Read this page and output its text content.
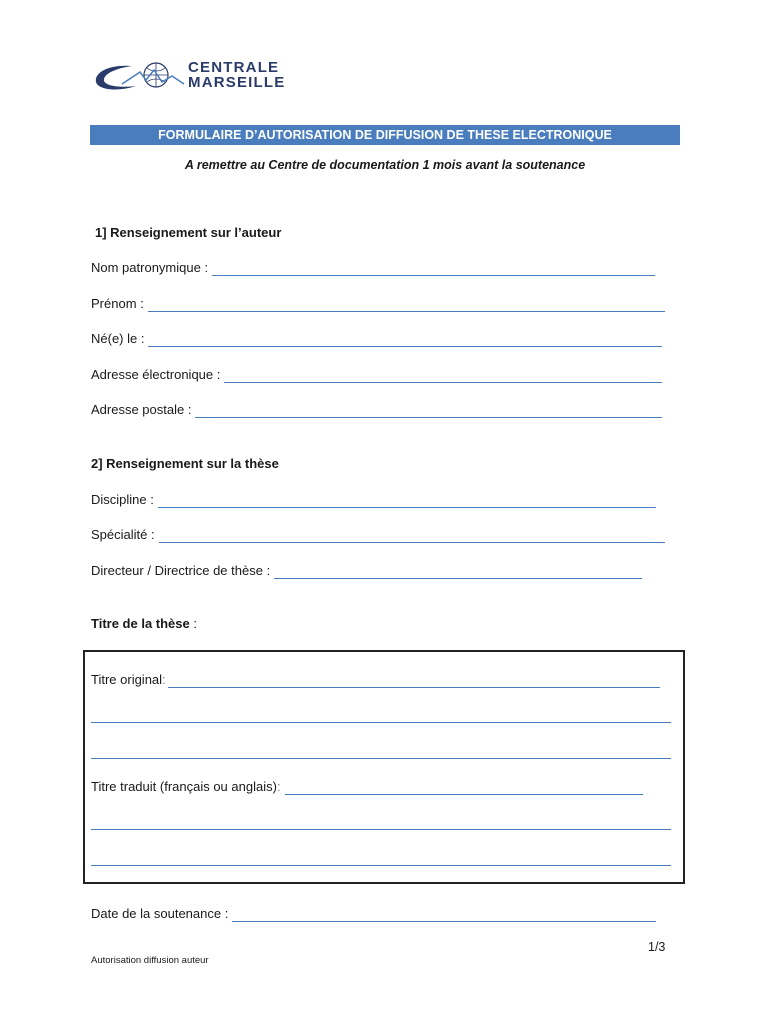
CENTRALE
MARSEILLE
FORMULAIRE D’AUTORISATION DE DIFFUSION DE THESE ELECTRONIQUE
A remettre au Centre de documentation 1 mois avant la soutenance
1] Renseignement sur l’auteur
Nom patronymique :
Prénom :
Né(e) le :
Adresse électronique :
Adresse postale :
2] Renseignement sur la thèse
Discipline :
Spécialité :
Directeur / Directrice de thèse :
Titre de la thèse :
Titre original :
Titre traduit (français ou anglais) :
Date de la soutenance :
1/3
Autorisation diffusion auteur
